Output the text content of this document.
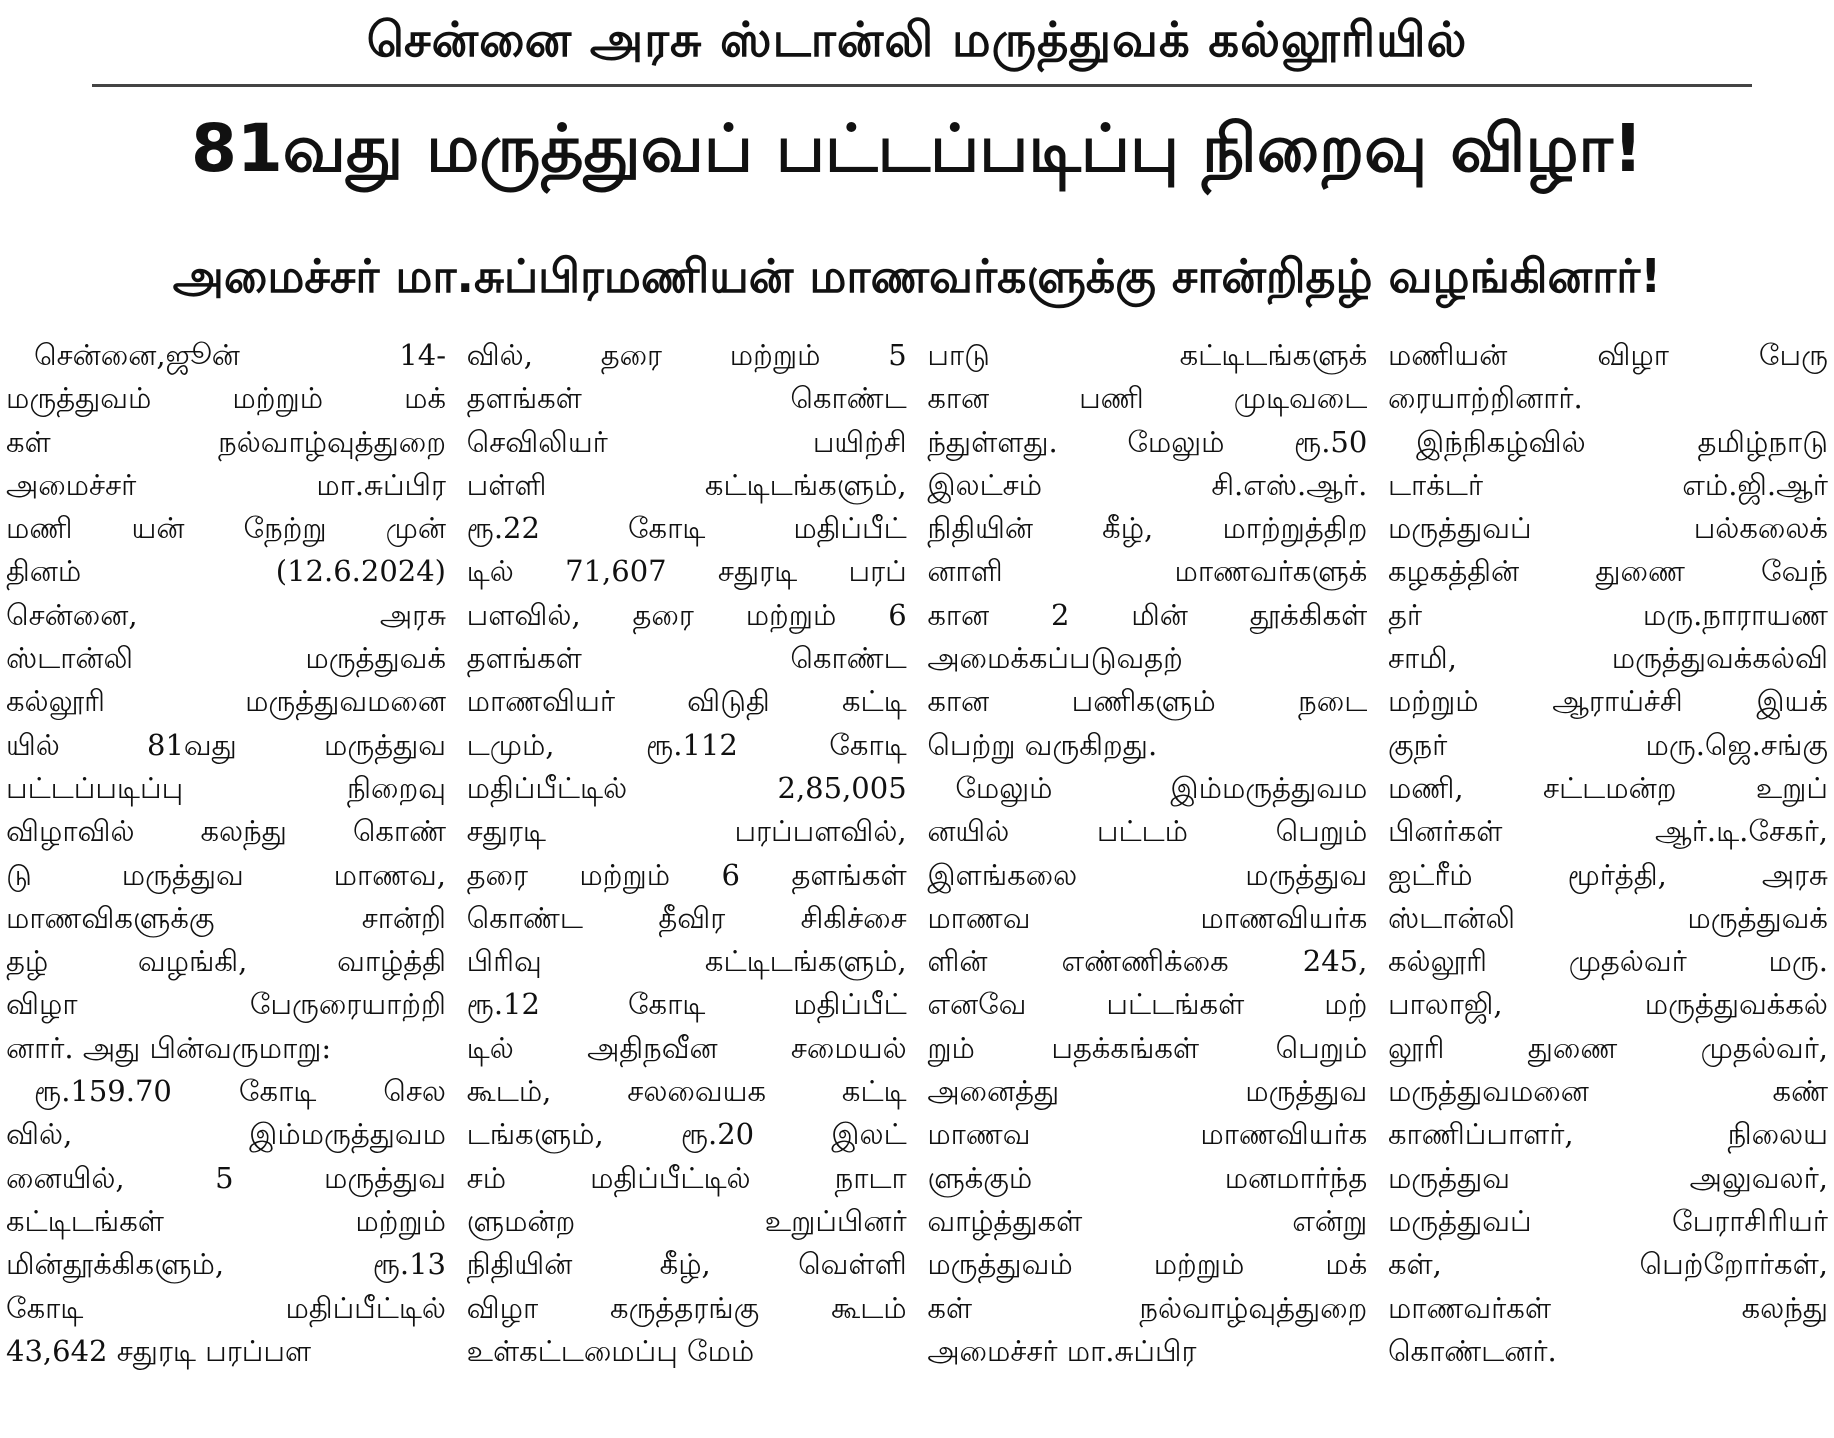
சென்னை அரசு ஸ்டான்லி மருத்துவக் கல்லூரியில்
81வது மருத்துவப் பட்டப்படிப்பு நிறைவு விழா!
அமைச்சர் மா.சுப்பிரமணியன் மாணவர்களுக்கு சான்றிதழ் வழங்கினார்!
சென்னை,ஜூன் 14-
மருத்துவம் மற்றும் மக்
கள் நல்வாழ்வுத்துறை
அமைச்சர் மா.சுப்பிர
மணி யன் நேற்று முன்
தினம் (12.6.2024)
சென்னை, அரசு
ஸ்டான்லி மருத்துவக்
கல்லூரி மருத்துவமனை
யில் 81வது மருத்துவ
பட்டப்படிப்பு நிறைவு
விழாவில் கலந்து கொண்
டு மருத்துவ மாணவ,
மாணவிகளுக்கு சான்றி
தழ் வழங்கி, வாழ்த்தி
விழா பேருரையாற்றி
னார். அது பின்வருமாறு:
ரூ.159.70 கோடி செல
வில், இம்மருத்துவம
னையில், 5 மருத்துவ
கட்டிடங்கள் மற்றும்
மின்தூக்கிகளும், ரூ.13
கோடி மதிப்பீட்டில்
43,642 சதுரடி பரப்பள
வில், தரை மற்றும் 5
தளங்கள் கொண்ட
செவிலியர் பயிற்சி
பள்ளி கட்டிடங்களும்,
ரூ.22 கோடி மதிப்பீட்
டில் 71,607 சதுரடி பரப்
பளவில், தரை மற்றும் 6
தளங்கள் கொண்ட
மாணவியர் விடுதி கட்டி
டமும், ரூ.112 கோடி
மதிப்பீட்டில் 2,85,005
சதுரடி பரப்பளவில்,
தரை மற்றும் 6 தளங்கள்
கொண்ட தீவிர சிகிச்சை
பிரிவு கட்டிடங்களும்,
ரூ.12 கோடி மதிப்பீட்
டில் அதிநவீன சமையல்
கூடம், சலவையக கட்டி
டங்களும், ரூ.20 இலட்
சம் மதிப்பீட்டில் நாடா
ளுமன்ற உறுப்பினர்
நிதியின் கீழ், வெள்ளி
விழா கருத்தரங்கு கூடம்
உள்கட்டமைப்பு மேம்
பாடு கட்டிடங்களுக்
கான பணி முடிவடை
ந்துள்ளது. மேலும் ரூ.50
இலட்சம் சி.எஸ்.ஆர்.
நிதியின் கீழ், மாற்றுத்திற
னாளி மாணவர்களுக்
கான 2 மின் தூக்கிகள்
அமைக்கப்படுவதற்
கான பணிகளும் நடை
பெற்று வருகிறது.
மேலும் இம்மருத்துவம
னயில் பட்டம் பெறும்
இளங்கலை மருத்துவ
மாணவ மாணவியர்க
ளின் எண்ணிக்கை 245,
எனவே பட்டங்கள் மற்
றும் பதக்கங்கள் பெறும்
அனைத்து மருத்துவ
மாணவ மாணவியர்க
ளுக்கும் மனமார்ந்த
வாழ்த்துகள் என்று
மருத்துவம் மற்றும் மக்
கள் நல்வாழ்வுத்துறை
அமைச்சர் மா.சுப்பிர
மணியன் விழா பேரு
ரையாற்றினார்.
இந்நிகழ்வில் தமிழ்நாடு
டாக்டர் எம்.ஜி.ஆர்
மருத்துவப் பல்கலைக்
கழகத்தின் துணை வேந்
தர் மரு.நாராயண
சாமி, மருத்துவக்கல்வி
மற்றும் ஆராய்ச்சி இயக்
குநர் மரு.ஜெ.சங்கு
மணி, சட்டமன்ற உறுப்
பினர்கள் ஆர்.டி.சேகர்,
ஐட்ரீம் மூர்த்தி, அரசு
ஸ்டான்லி மருத்துவக்
கல்லூரி முதல்வர் மரு.
பாலாஜி, மருத்துவக்கல்
லூரி துணை முதல்வர்,
மருத்துவமனை கண்
காணிப்பாளர், நிலைய
மருத்துவ அலுவலர்,
மருத்துவப் பேராசிரியர்
கள், பெற்றோர்கள்,
மாணவர்கள் கலந்து
கொண்டனர்.
